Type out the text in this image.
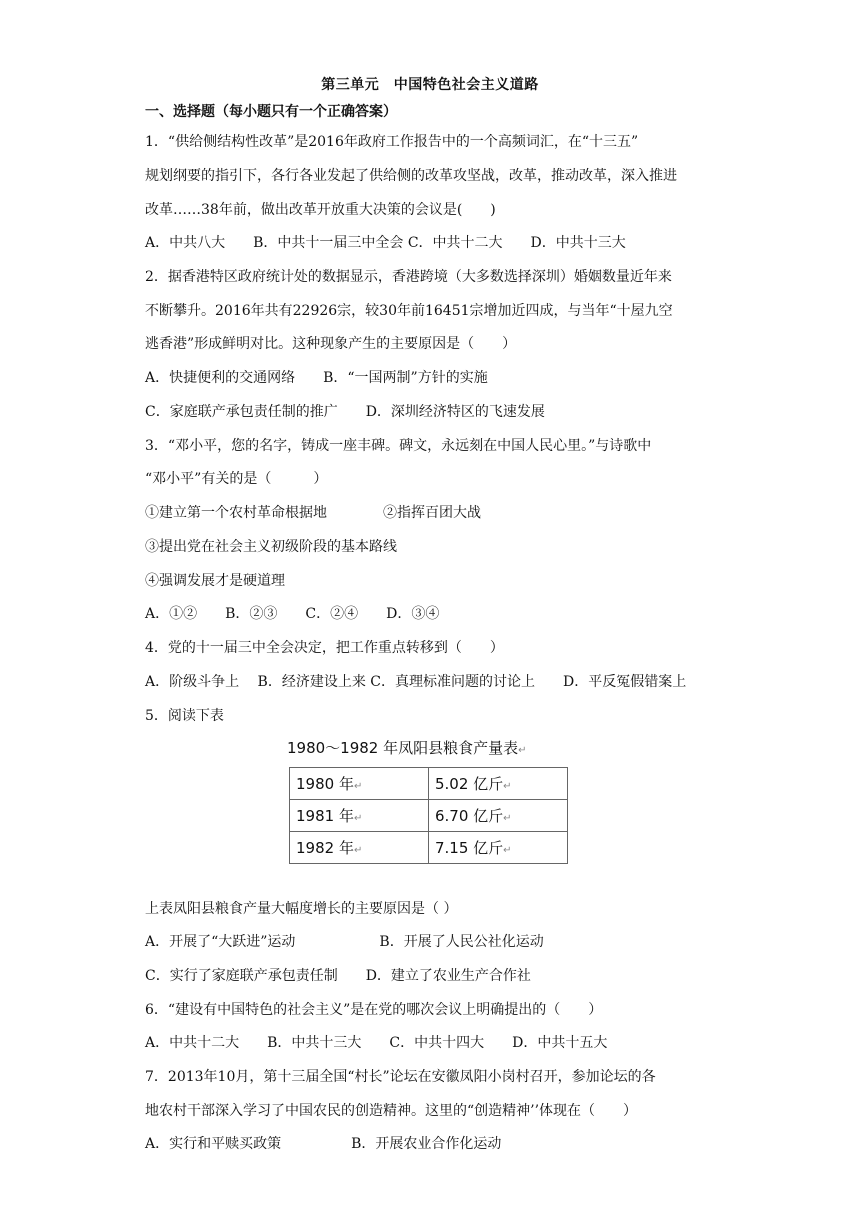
第三单元　中国特色社会主义道路
一、选择题（每小题只有一个正确答案）
1．“供给侧结构性改革”是2016年政府工作报告中的一个高频词汇，在“十三五”
规划纲要的指引下，各行各业发起了供给侧的改革攻坚战，改革，推动改革，深入推进
改革……38年前，做出改革开放重大决策的会议是(　　)
A．中共八大　　B．中共十一届三中全会 C．中共十二大　　D．中共十三大
2．据香港特区政府统计处的数据显示，香港跨境（大多数选择深圳）婚姻数量近年来
不断攀升。2016年共有22926宗，较30年前16451宗增加近四成，与当年“十屋九空
逃香港”形成鲜明对比。这种现象产生的主要原因是（　　）
A．快捷便利的交通网络　　B．“一国两制”方针的实施
C．家庭联产承包责任制的推广　　D．深圳经济特区的飞速发展
3．“邓小平，您的名字，铸成一座丰碑。碑文，永远刻在中国人民心里。”与诗歌中
“邓小平”有关的是（　　　）
①建立第一个农村革命根据地　　　　②指挥百团大战
③提出党在社会主义初级阶段的基本路线
④强调发展才是硬道理
A．①②　　B．②③　　C．②④　　D．③④
4．党的十一届三中全会决定，把工作重点转移到（　　）
A．阶级斗争上　 B．经济建设上来 C．真理标准问题的讨论上　　D．平反冤假错案上
5．阅读下表
1980～1982 年凤阳县粮食产量表↵
1980 年↵	5.02 亿斤↵
1981 年↵	6.70 亿斤↵
1982 年↵	7.15 亿斤↵
上表凤阳县粮食产量大幅度增长的主要原因是（ ）
A．开展了“大跃进”运动　　　　　　B．开展了人民公社化运动
C．实行了家庭联产承包责任制　　D．建立了农业生产合作社
6．“建设有中国特色的社会主义”是在党的哪次会议上明确提出的（　　）
A．中共十二大　　B．中共十三大　　C．中共十四大　　D．中共十五大
7．2013年10月，第十三届全国“村长”论坛在安徽凤阳小岗村召开，参加论坛的各
地农村干部深入学习了中国农民的创造精神。这里的“创造精神’’体现在（　　）
A．实行和平赎买政策　　　　　B．开展农业合作化运动
